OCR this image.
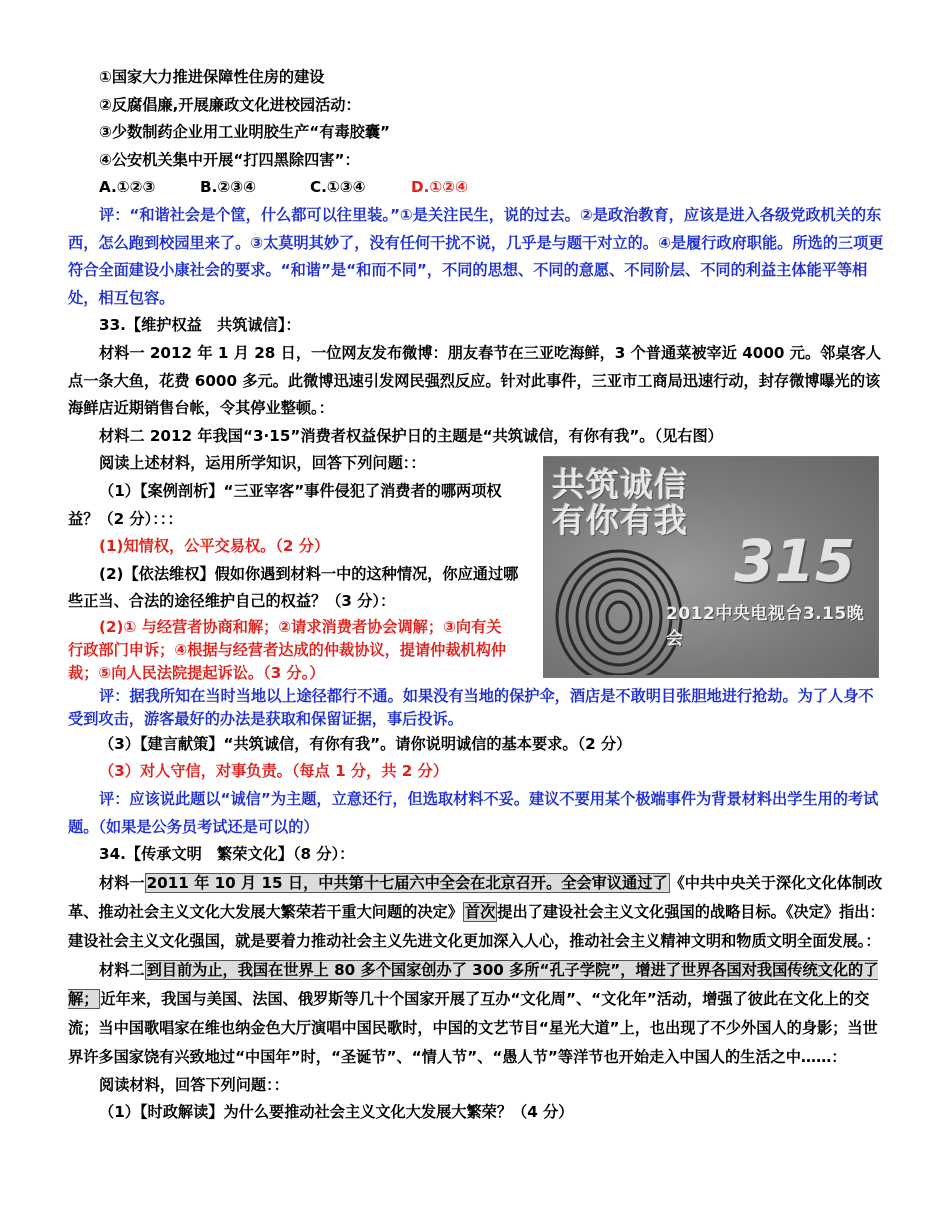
①国家大力推进保障性住房的建设
②反腐倡廉,开展廉政文化进校园活动：
③少数制药企业用工业明胶生产“有毒胶囊”
④公安机关集中开展“打四黑除四害”：
A.①②③	B.②③④	C.①③④	D.①②④
评：“和谐社会是个筐，什么都可以往里装。”①是关注民生，说的过去。②是政治教育，应该是进入各级党政机关的东西，怎么跑到校园里来了。③太莫明其妙了，没有任何干扰不说，几乎是与题干对立的。④是履行政府职能。所选的三项更符合全面建设小康社会的要求。“和谐”是“和而不同”，不同的思想、不同的意愿、不同阶层、不同的利益主体能平等相处，相互包容。
33.【维护权益　共筑诚信】：
材料一 2012 年 1 月 28 日，一位网友发布微博：朋友春节在三亚吃海鲜，3 个普通菜被宰近 4000 元。邻桌客人点一条大鱼，花费 6000 多元。此微博迅速引发网民强烈反应。针对此事件，三亚市工商局迅速行动，封存微博曝光的该海鲜店近期销售台帐，令其停业整顿。：
材料二 2012 年我国“3·15”消费者权益保护日的主题是“共筑诚信，有你有我”。（见右图）
阅读上述材料，运用所学知识，回答下列问题：：
（1）【案例剖析】“三亚宰客”事件侵犯了消费者的哪两项权
益？（2 分）：：：
(1)知情权，公平交易权。（2 分）
(2)【依法维权】假如你遇到材料一中的这种情况，你应通过哪
些正当、合法的途径维护自己的权益？（3 分）：
(2)① 与经营者协商和解；②请求消费者协会调解；③向有关
行政部门申诉；④根据与经营者达成的仲裁协议，提请仲裁机构仲
裁；⑤向人民法院提起诉讼。（3 分。）
评：据我所知在当时当地以上途径都行不通。如果没有当地的保护伞，酒店是不敢明目张胆地进行抢劫。为了人身不受到攻击，游客最好的办法是获取和保留证据，事后投诉。
（3）【建言献策】“共筑诚信，有你有我”。请你说明诚信的基本要求。（2 分）
（3）对人守信，对事负责。（每点 1 分，共 2 分）
评：应该说此题以“诚信”为主题，立意还行，但选取材料不妥。建议不要用某个极端事件为背景材料出学生用的考试题。（如果是公务员考试还是可以的）
34.【传承文明　繁荣文化】（8 分）：
材料一 2011 年 10 月 15 日，中共第十七届六中全会在北京召开。全会审议通过了 《中共中央关于深化文化体制改革、推动社会主义文化大发展大繁荣若干重大问题的决定》 首次 提出了建设社会主义文化强国的战略目标。《决定》指出：建设社会主义文化强国，就是要着力推动社会主义先进文化更加深入人心，推动社会主义精神文明和物质文明全面发展。：
材料二 到目前为止，我国在世界上 80 多个国家创办了 300 多所“孔子学院”，增进了世界各国对我国传统文化的了解； 近年来，我国与美国、法国、俄罗斯等几十个国家开展了互办“文化周”、“文化年”活动，增强了彼此在文化上的交流；当中国歌唱家在维也纳金色大厅演唱中国民歌时，中国的文艺节目“星光大道”上，也出现了不少外国人的身影；当世界许多国家饶有兴致地过“中国年”时，“圣诞节”、“情人节”、“愚人节”等洋节也开始走入中国人的生活之中……：
阅读材料，回答下列问题：：
（1）【时政解读】为什么要推动社会主义文化大发展大繁荣？（4 分）
共筑诚信
有你有我
315
2012中央电视台3.15晚会
